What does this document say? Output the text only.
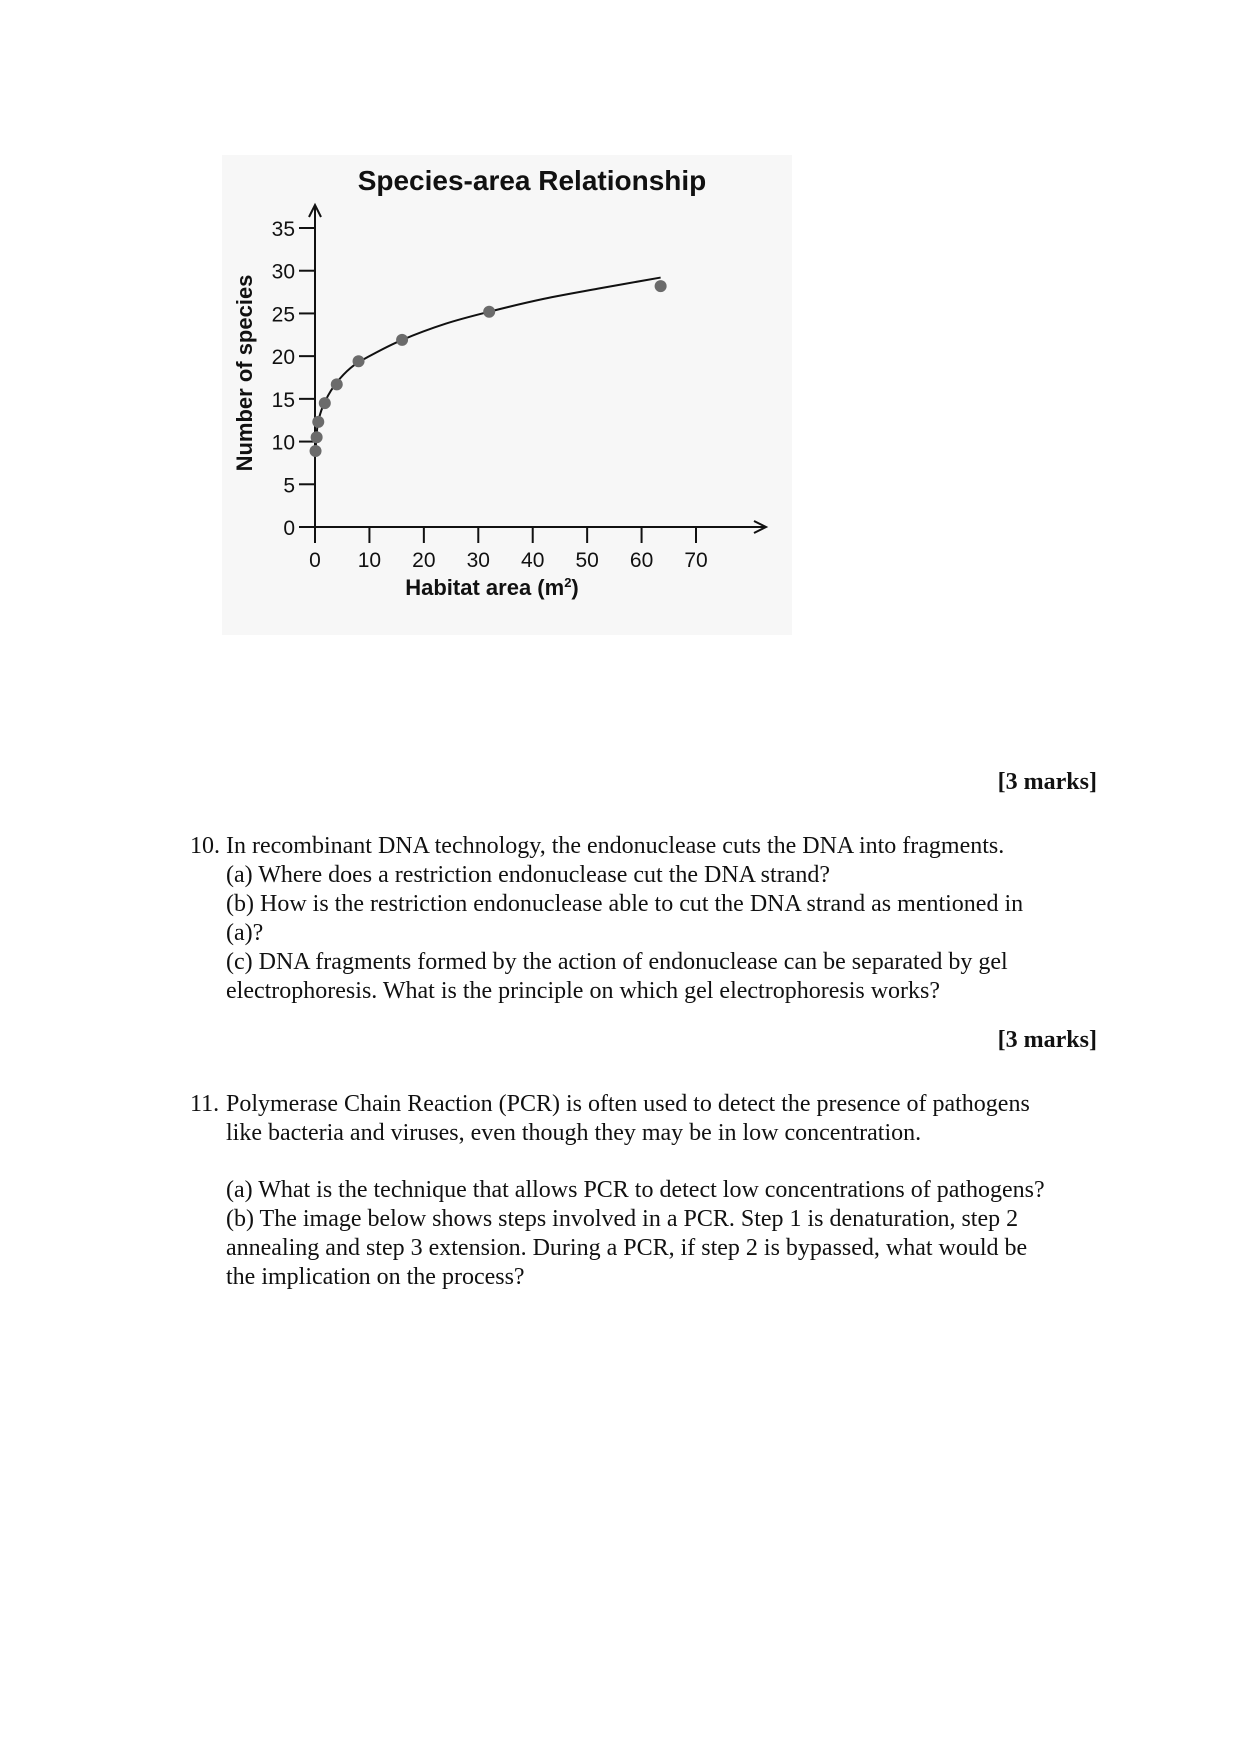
Species-area Relationship
0
5
10
15
20
25
30
35
0 10 20 30 40 50 60 70
Number of species
Habitat area $(m^2)$
[3 marks]
10. In recombinant DNA technology, the endonuclease cuts the DNA into fragments.
(a) Where does a restriction endonuclease cut the DNA strand?
(b) How is the restriction endonuclease able to cut the DNA strand as mentioned in
(a)?
(c) DNA fragments formed by the action of endonuclease can be separated by gel
electrophoresis. What is the principle on which gel electrophoresis works?
[3 marks]
11. Polymerase Chain Reaction (PCR) is often used to detect the presence of pathogens
like bacteria and viruses, even though they may be in low concentration.
(a) What is the technique that allows PCR to detect low concentrations of pathogens?
(b) The image below shows steps involved in a PCR. Step 1 is denaturation, step 2
annealing and step 3 extension. During a PCR, if step 2 is bypassed, what would be
the implication on the process?
